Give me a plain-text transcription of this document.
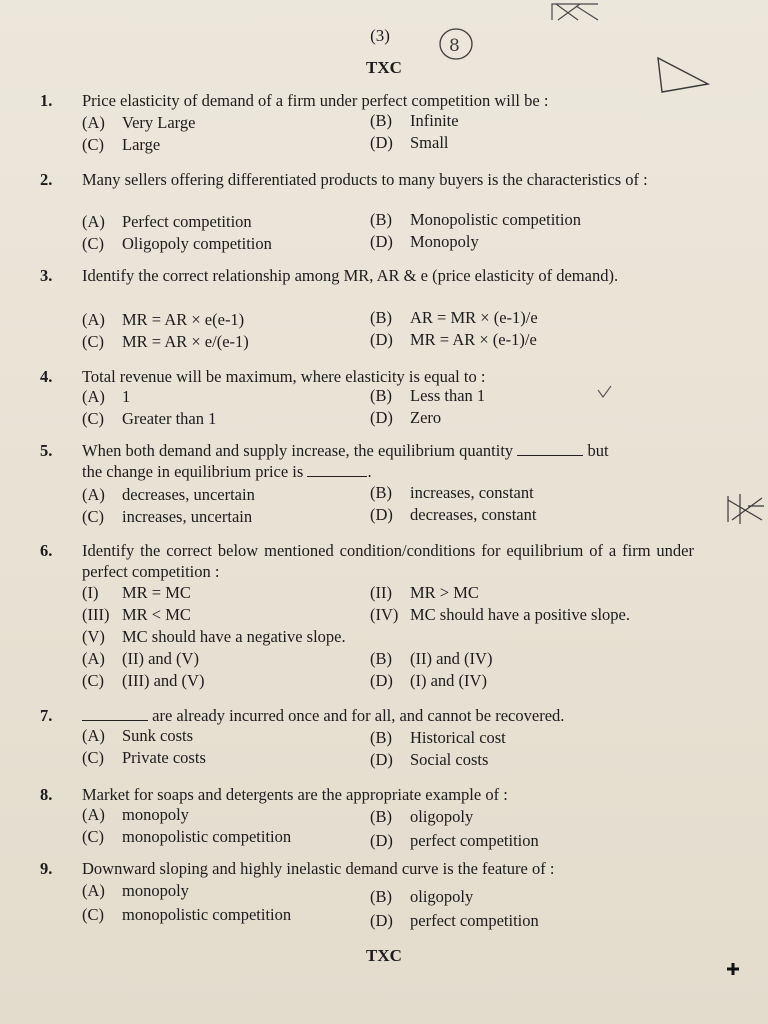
(3)
TXC
8
1. Price elasticity of demand of a firm under perfect competition will be :
(A) Very Large	(B) Infinite
(C) Large	(D) Small
2. Many sellers offering differentiated products to many buyers is the characteristics of :
(A) Perfect competition	(B) Monopolistic competition
(C) Oligopoly competition	(D) Monopoly
3. Identify the correct relationship among MR, AR & e (price elasticity of demand).
(A) MR = AR × e(e-1)	(B) AR = MR × (e-1)/e
(C) MR = AR × e/(e-1)	(D) MR = AR × (e-1)/e
4. Total revenue will be maximum, where elasticity is equal to :
(A) 1	(B) Less than 1
(C) Greater than 1	(D) Zero
5. When both demand and supply increase, the equilibrium quantity	but
the change in equilibrium price is	.
(A) decreases, uncertain	(B) increases, constant
(C) increases, uncertain	(D) decreases, constant
6. Identify the correct below mentioned condition/conditions for equilibrium of a firm under perfect competition :
(I) MR = MC	(II) MR > MC
(III) MR < MC	(IV) MC should have a positive slope.
(V) MC should have a negative slope.
(A) (II) and (V)	(B) (II) and (IV)
(C) (III) and (V)	(D) (I) and (IV)
7.	are already incurred once and for all, and cannot be recovered.
(A) Sunk costs	(B) Historical cost
(C) Private costs	(D) Social costs
8. Market for soaps and detergents are the appropriate example of :
(A) monopoly	(B) oligopoly
(C) monopolistic competition	(D) perfect competition
9. Downward sloping and highly inelastic demand curve is the feature of :
(A) monopoly	(B) oligopoly
(C) monopolistic competition	(D) perfect competition
TXC
